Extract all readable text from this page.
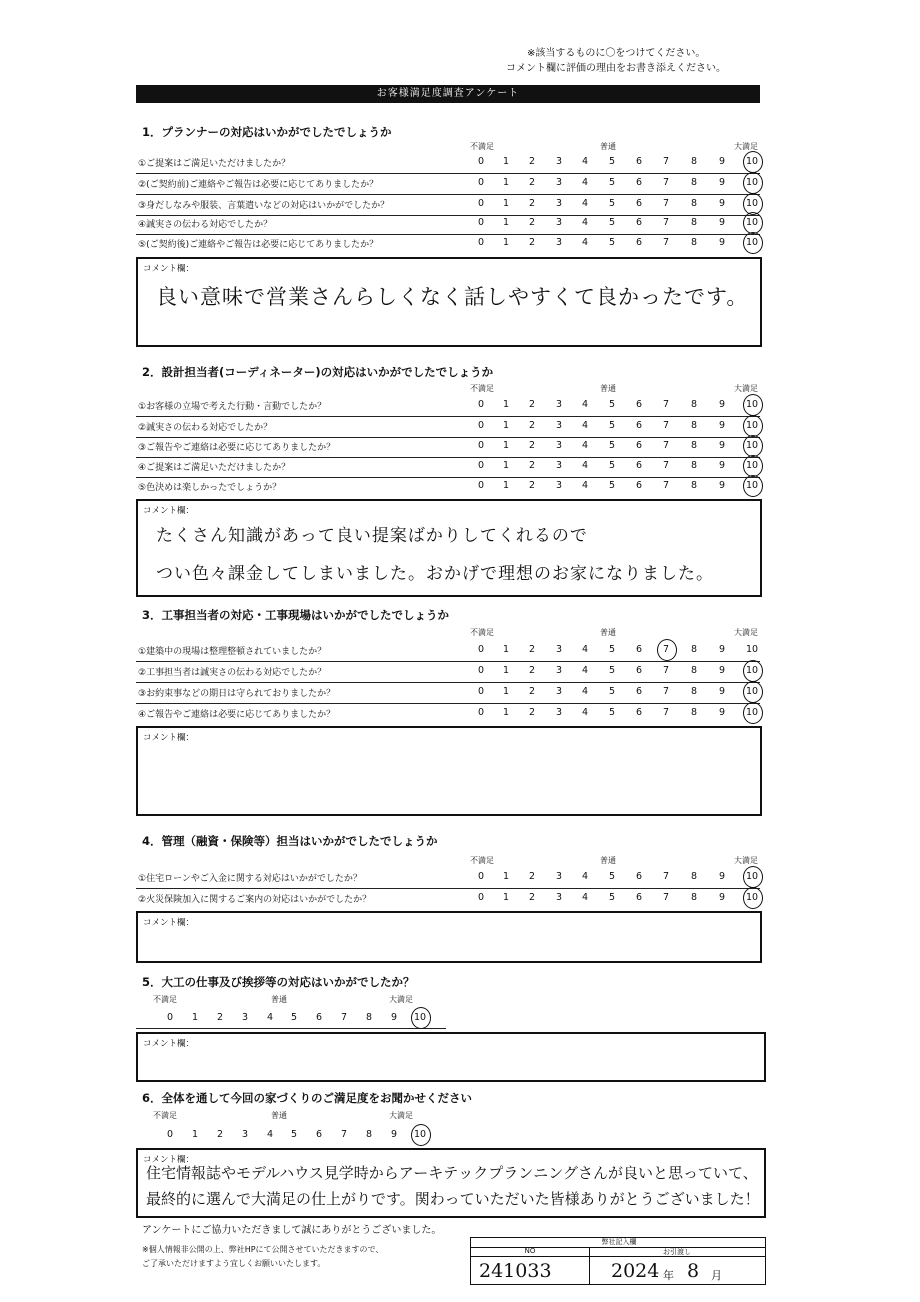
※該当するものに〇をつけてください。
コメント欄に評価の理由をお書き添えください。
お客様満足度調査アンケート
1．プランナーの対応はいかがでしたでしょうか
不満足	普通	大満足
①ご提案はご満足いただけましたか？	0	1	2	3	4	5	6	7	8	9	10
②(ご契約前)ご連絡やご報告は必要に応じてありましたか？	0	1	2	3	4	5	6	7	8	9	10
③身だしなみや服装、言葉遣いなどの対応はいかがでしたか？	0	1	2	3	4	5	6	7	8	9	10
④誠実さの伝わる対応でしたか？	0	1	2	3	4	5	6	7	8	9	10
⑤(ご契約後)ご連絡やご報告は必要に応じてありましたか？	0	1	2	3	4	5	6	7	8	9	10
コメント欄：
良い意味で営業さんらしくなく話しやすくて良かったです。
2．設計担当者(コーディネーター)の対応はいかがでしたでしょうか
不満足	普通	大満足
①お客様の立場で考えた行動・言動でしたか？	0	1	2	3	4	5	6	7	8	9	10
②誠実さの伝わる対応でしたか？	0	1	2	3	4	5	6	7	8	9	10
③ご報告やご連絡は必要に応じてありましたか？	0	1	2	3	4	5	6	7	8	9	10
④ご提案はご満足いただけましたか？	0	1	2	3	4	5	6	7	8	9	10
⑤色決めは楽しかったでしょうか？	0	1	2	3	4	5	6	7	8	9	10
コメント欄：
たくさん知識があって良い提案ばかりしてくれるので
つい色々課金してしまいました。おかげで理想のお家になりました。
3．工事担当者の対応・工事現場はいかがでしたでしょうか
不満足	普通	大満足
①建築中の現場は整理整頓されていましたか？	0	1	2	3	4	5	6	7	8	9	10
②工事担当者は誠実さの伝わる対応でしたか？	0	1	2	3	4	5	6	7	8	9	10
③お約束事などの期日は守られておりましたか？	0	1	2	3	4	5	6	7	8	9	10
④ご報告やご連絡は必要に応じてありましたか？	0	1	2	3	4	5	6	7	8	9	10
コメント欄：
4．管理（融資・保険等）担当はいかがでしたでしょうか
不満足	普通	大満足
①住宅ローンやご入金に関する対応はいかがでしたか？	0	1	2	3	4	5	6	7	8	9	10
②火災保険加入に関するご案内の対応はいかがでしたか？	0	1	2	3	4	5	6	7	8	9	10
コメント欄：
5．大工の仕事及び挨拶等の対応はいかがでしたか？
不満足	普通	大満足
0	1	2	3	4	5	6	7	8	9	10
コメント欄：
6．全体を通して今回の家づくりのご満足度をお聞かせください
不満足	普通	大満足
0	1	2	3	4	5	6	7	8	9	10
コメント欄：
住宅情報誌やモデルハウス見学時からアーキテックプランニングさんが良いと思っていて、
最終的に選んで大満足の仕上がりです。関わっていただいた皆様ありがとうございました！
アンケートにご協力いただきまして誠にありがとうございました。
※個人情報非公開の上、弊社HPにて公開させていただきますので、
ご了承いただけますよう宜しくお願いいたします。
弊社記入欄
NO	お引渡し
241033	2024 年 8 月
